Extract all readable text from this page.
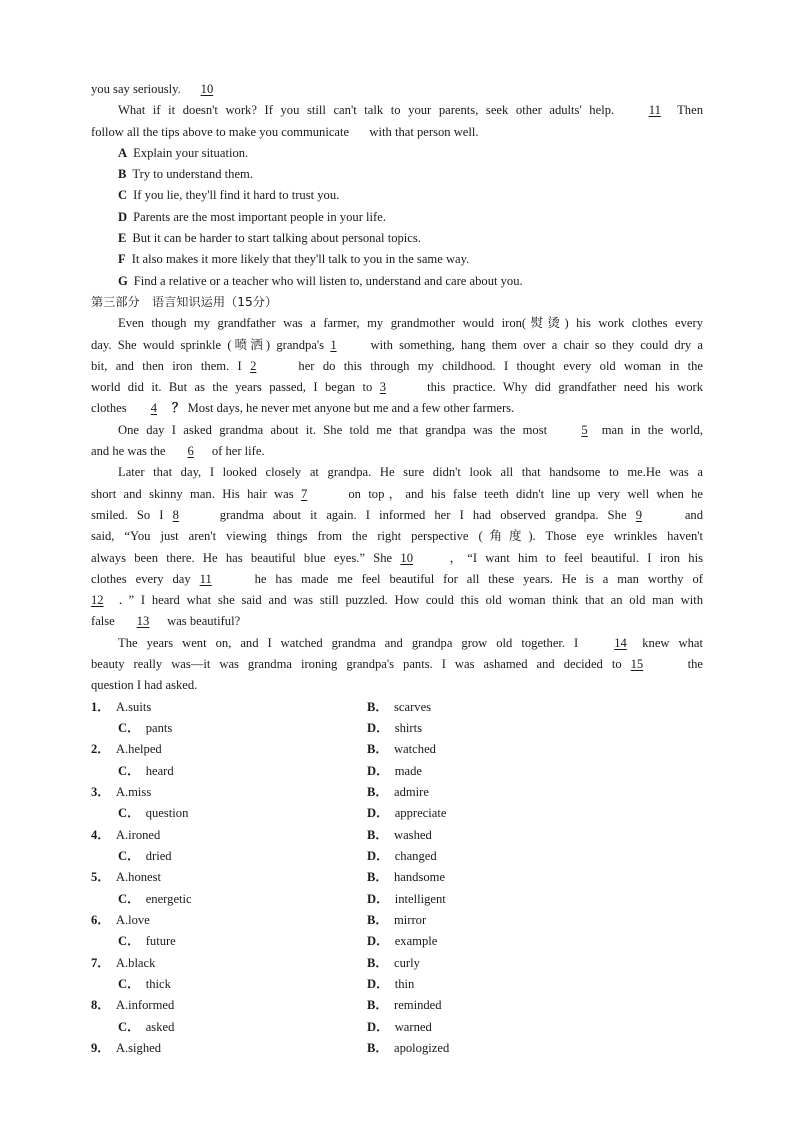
you say seriously. 10
What if it doesn't work? If you still can't talk to your parents, seek other adults' help.	11 Then
follow all the tips above to make you communicate with that person well.
A Explain your situation.
B Try to understand them.
C If you lie, they'll find it hard to trust you.
D Parents are the most important people in your life.
E But it can be harder to start talking about personal topics.
F It also makes it more likely that they'll talk to you in the same way.
G Find a relative or a teacher who will listen to, understand and care about you.
第三部分　语言知识运用（15分）
Even though my grandfather was a farmer, my grandmother would iron(熨烫) his work clothes every
day. She would sprinkle (喷洒) grandpa's 1	with something, hang them over a chair so they could dry a
bit, and then iron them. I 2	her do this through my childhood. I thought every old woman in the
world did it. But as the years passed, I began to 3	this practice. Why did grandfather need his work
clothes 4 ？ Most days, he never met anyone but me and a few other farmers.
One day I asked grandma about it. She told me that grandpa was the most	5 man in the world,
and he was the 6 of her life.
Later that day, I looked closely at grandpa. He sure didn't look all that handsome to me.He was a
short and skinny man. His hair was 7	on top，and his false teeth didn't line up very well when he
smiled. So I 8	grandma about it again. I informed her I had observed grandpa. She 9	and
said, “You just aren't viewing things from the right perspective (角度). Those eye wrinkles haven't
always been there. He has beautiful blue eyes.” She 10 ，“I want him to feel beautiful. I iron his
clothes every day 11	he has made me feel beautiful for all these years. He is a man worthy of
12 ．” I heard what she said and was still puzzled. How could this old woman think that an old man with
false 13 was beautiful?
The years went on, and I watched grandma and grandpa grow old together. I	14 knew what
beauty really was—it was grandma ironing grandpa's pants. I was ashamed and decided to 15	the
question I had asked.
1． A.suits	B． scarves
C． pants	D． shirts
2． A.helped	B． watched
C． heard	D． made
3． A.miss	B． admire
C． question	D． appreciate
4． A.ironed	B． washed
C． dried	D． changed
5． A.honest	B． handsome
C． energetic	D． intelligent
6． A.love	B． mirror
C． future	D． example
7． A.black	B． curly
C． thick	D． thin
8． A.informed	B． reminded
C． asked	D． warned
9． A.sighed	B． apologized
